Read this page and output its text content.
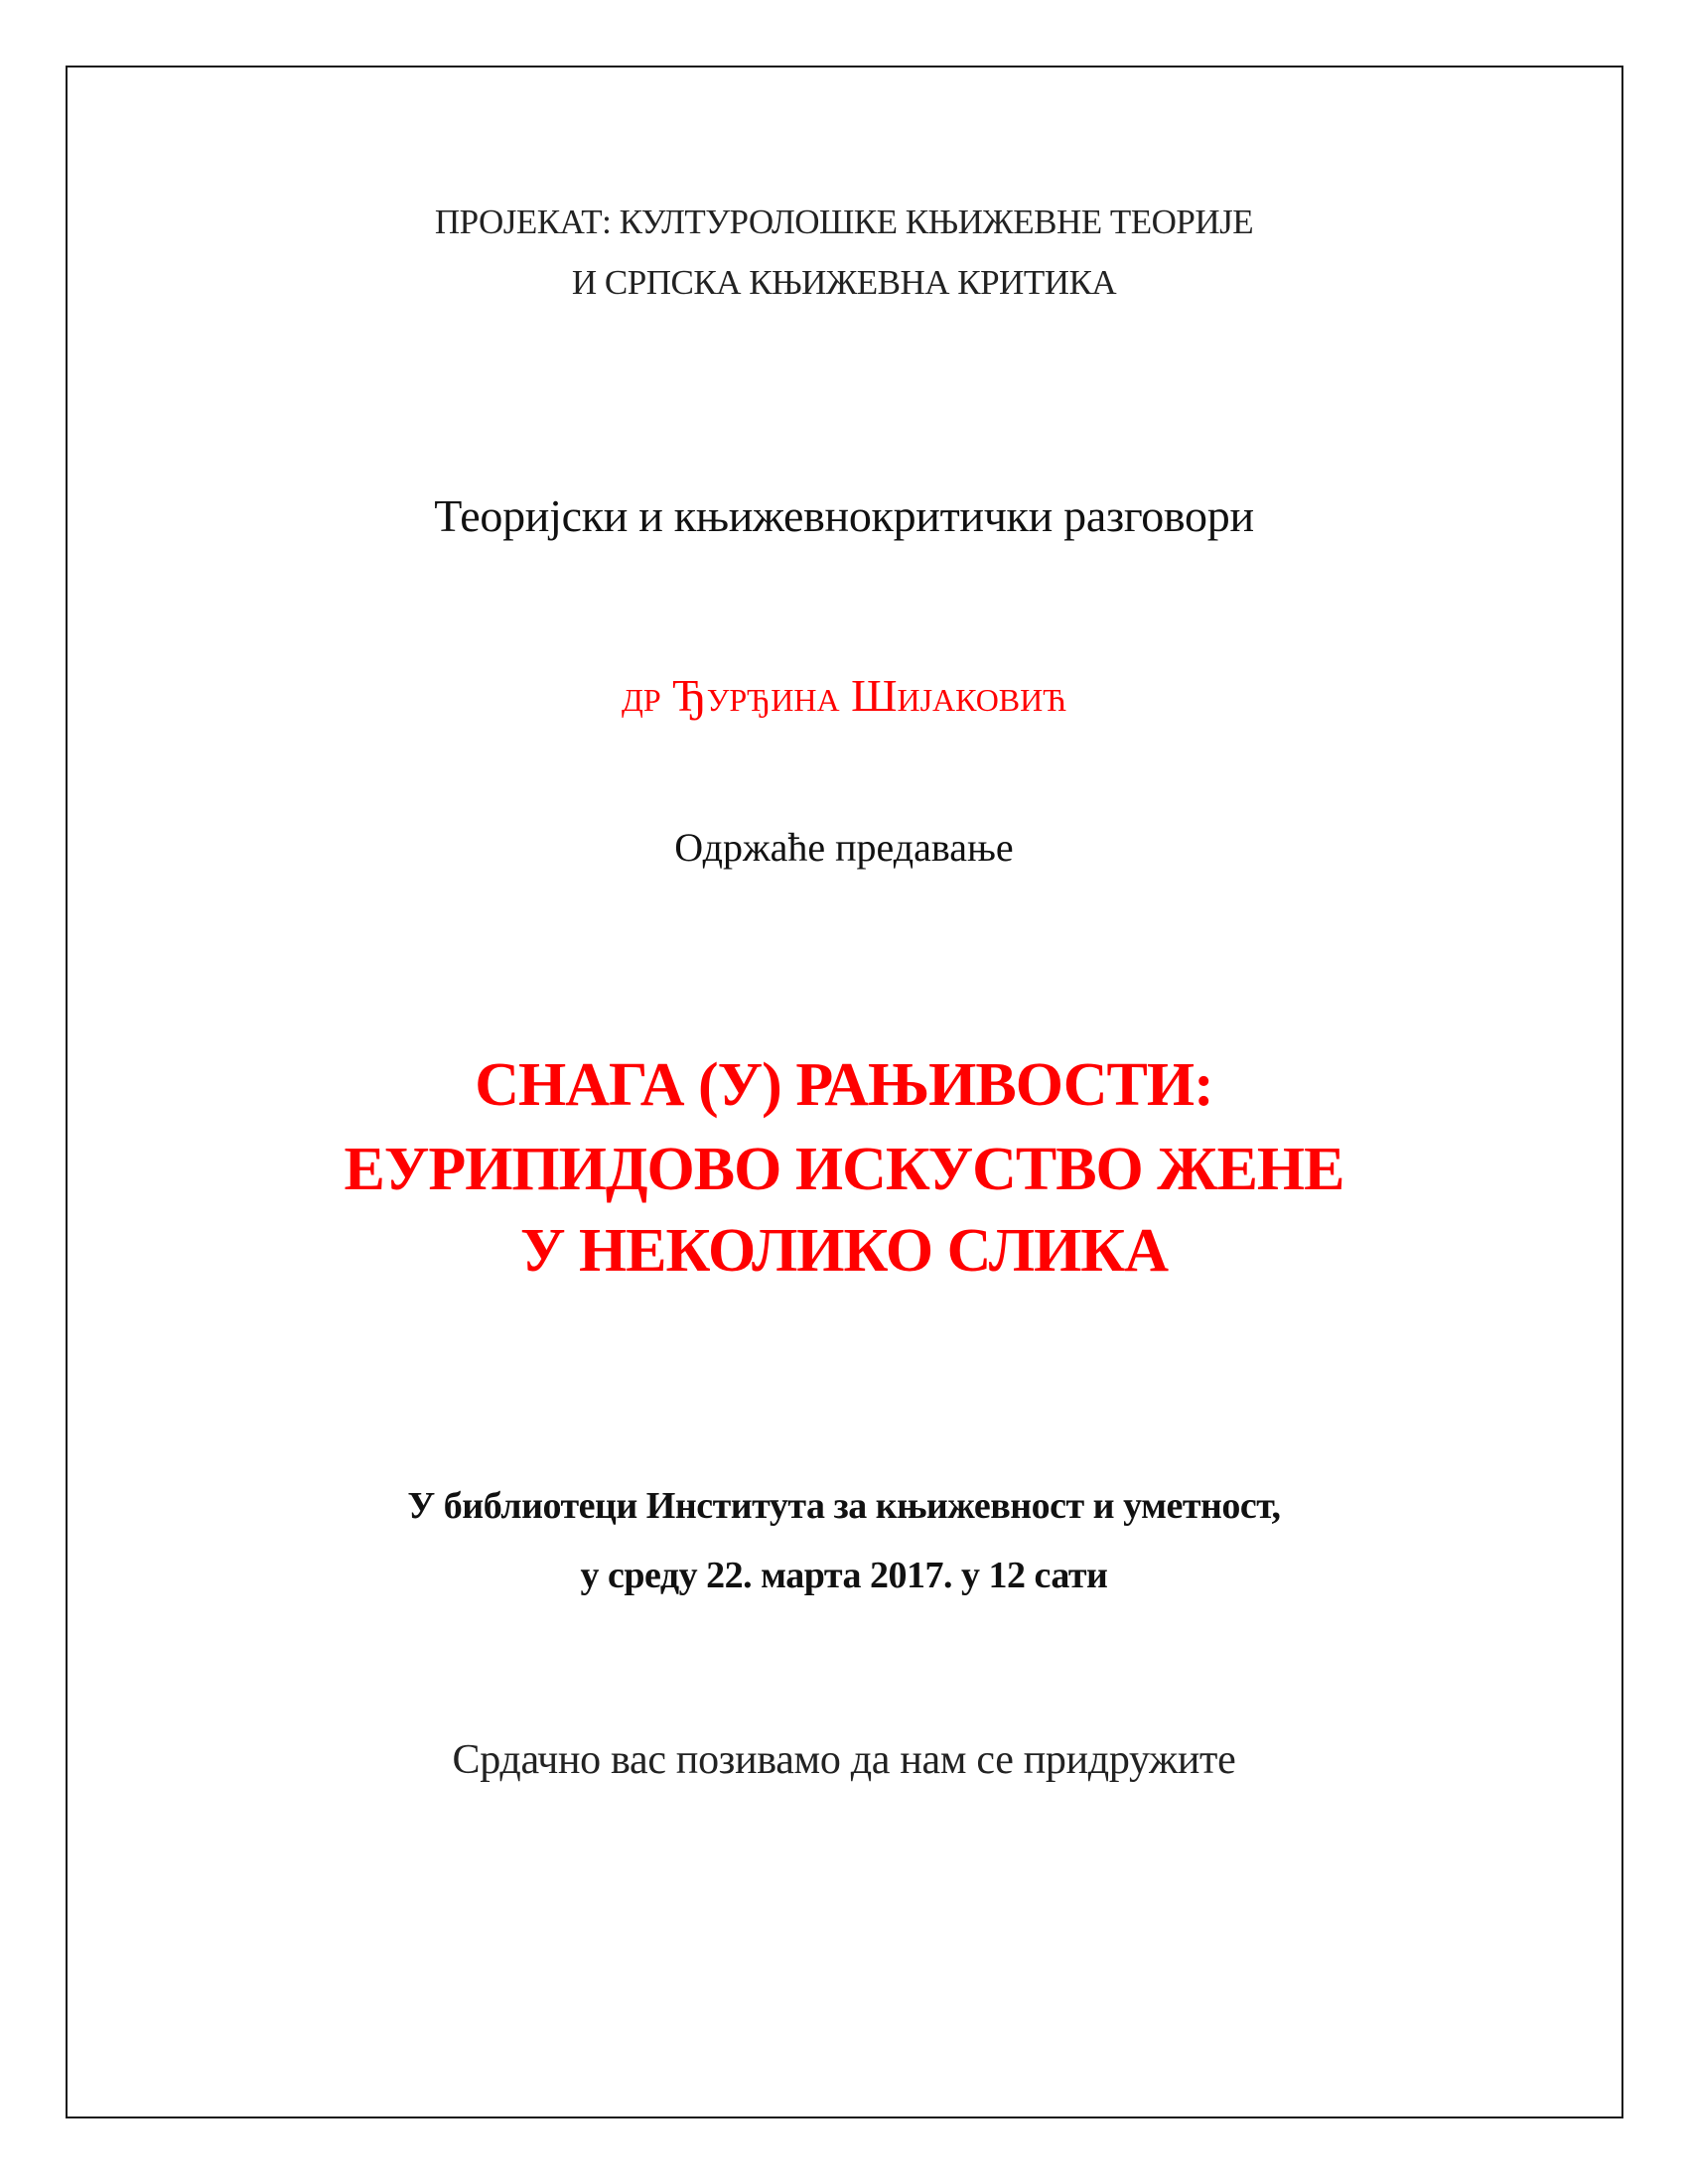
ПРОЈЕКАТ: КУЛТУРОЛОШКЕ КЊИЖЕВНЕ ТЕОРИЈЕ
И СРПСКА КЊИЖЕВНА КРИТИКА
Теоријски и књижевнокритички разговори
др Ђурђина Шијаковић
Одржаће предавање
СНАГА (У) РАЊИВОСТИ:
ЕУРИПИДОВО ИСКУСТВО ЖЕНЕ
У НЕКОЛИКО СЛИКА
У библиотеци Института за књижевност и уметност,
у среду 22. марта 2017. у 12 сати
Срдачно вас позивамо да нам се придружите
